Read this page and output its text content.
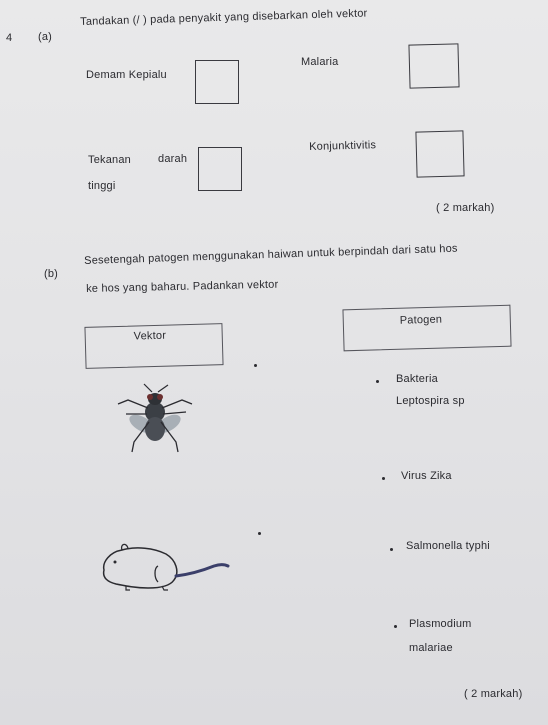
4 (a)
Tandakan (/ ) pada penyakit yang disebarkan oleh vektor
Demam Kepialu
Malaria
Tekanan darah
tinggi
Konjunktivitis
( 2 markah)
(b)
Sesetengah patogen menggunakan haiwan untuk berpindah dari satu hos
ke hos yang baharu. Padankan vektor
Vektor
Patogen
Bakteria
Leptospira sp
Virus Zika
Salmonella typhi
Plasmodium
malariae
( 2 markah)
